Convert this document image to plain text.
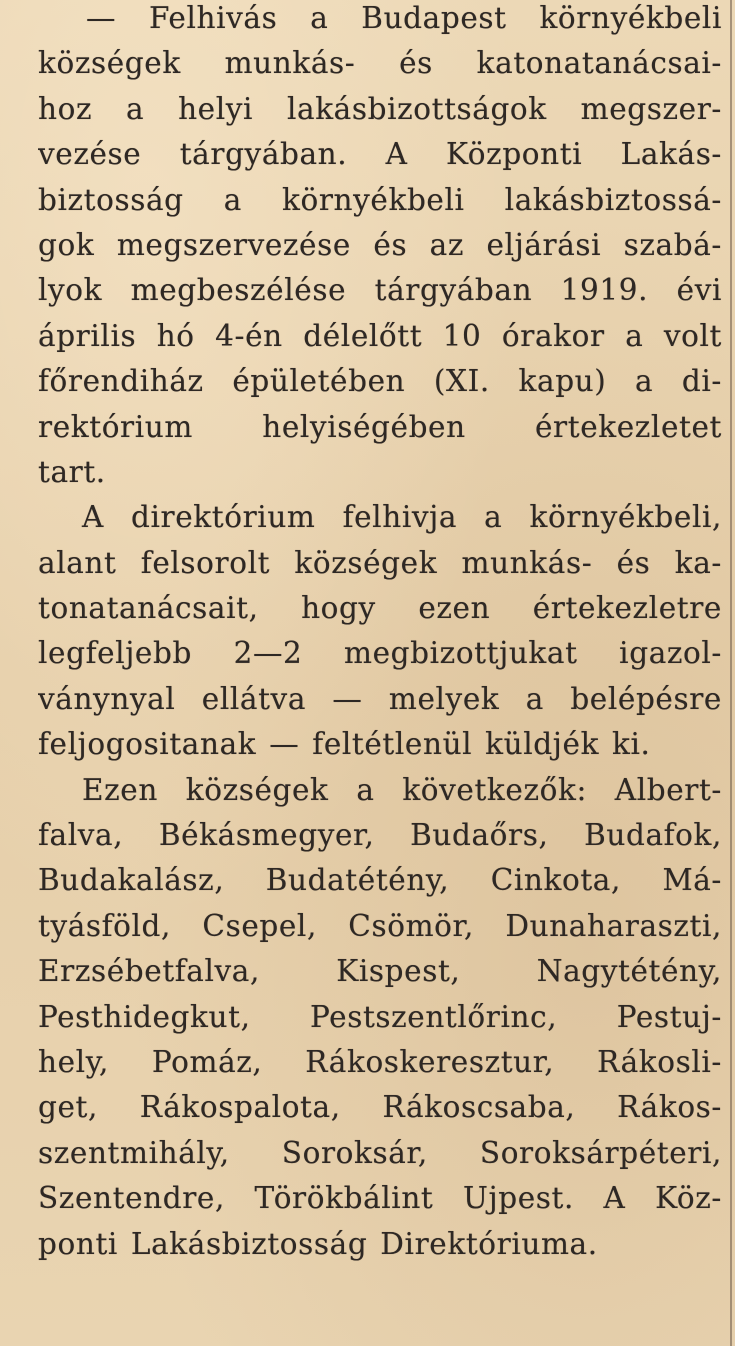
— Felhivás a Budapest környékbeli
községek munkás- és katonatanácsai-
hoz a helyi lakásbizottságok megszer-
vezése tárgyában. A Központi Lakás-
biztosság a környékbeli lakásbiztossá-
gok megszervezése és az eljárási szabá-
lyok megbeszélése tárgyában 1919. évi
április hó 4-én délelőtt 10 órakor a volt
főrendiház épületében (XI. kapu) a di-
rektórium helyiségében értekezletet
tart.
A direktórium felhivja a környékbeli,
alant felsorolt községek munkás- és ka-
tonatanácsait, hogy ezen értekezletre
legfeljebb 2—2 megbizottjukat igazol-
ványnyal ellátva — melyek a belépésre
feljogositanak — feltétlenül küldjék ki.
Ezen községek a következők: Albert-
falva, Békásmegyer, Budaőrs, Budafok,
Budakalász, Budatétény, Cinkota, Má-
tyásföld, Csepel, Csömör, Dunaharaszti,
Erzsébetfalva, Kispest, Nagytétény,
Pesthidegkut, Pestszentlőrinc, Pestuj-
hely, Pomáz, Rákoskeresztur, Rákosli-
get, Rákospalota, Rákoscsaba, Rákos-
szentmihály, Soroksár, Soroksárpéteri,
Szentendre, Törökbálint Ujpest. A Köz-
ponti Lakásbiztosság Direktóriuma.
